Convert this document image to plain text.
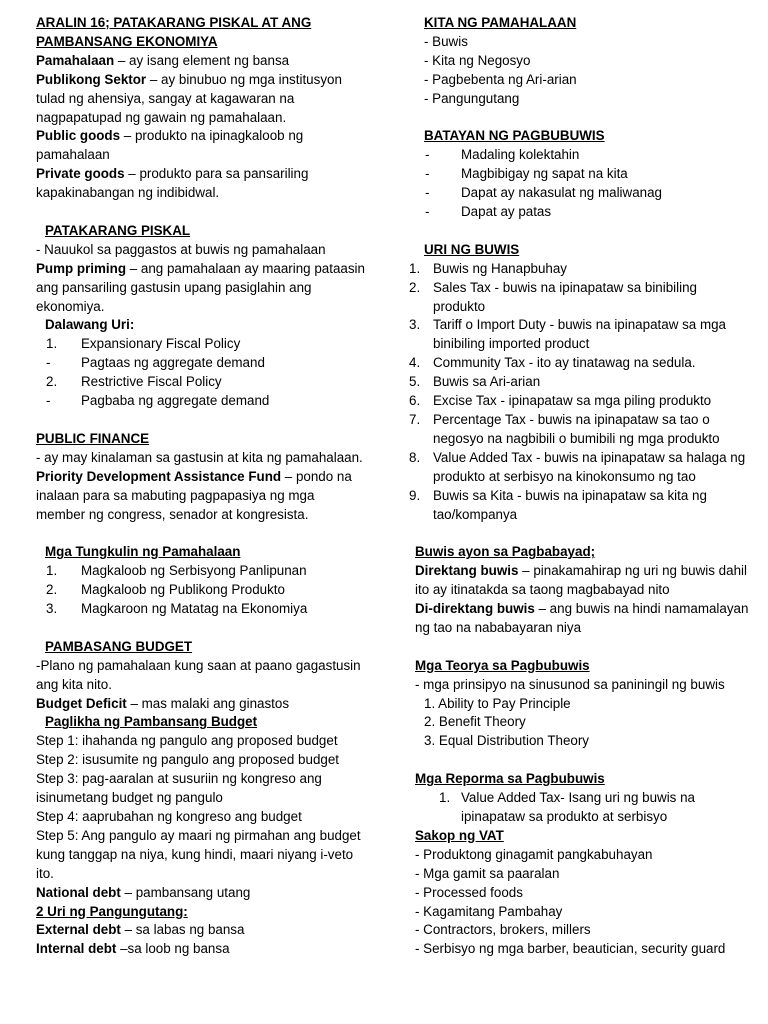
ARALIN 16; PATAKARANG PISKAL AT ANG
PAMBANSANG EKONOMIYA
Pamahalaan – ay isang element ng bansa
Publikong Sektor – ay binubuo ng mga institusyon tulad ng ahensiya, sangay at kagawaran na nagpapatupad ng gawain ng pamahalaan.
Public goods – produkto na ipinagkaloob ng pamahalaan
Private goods – produkto para sa pansariling kapakinabangan ng indibidwal.
PATAKARANG PISKAL
- Nauukol sa paggastos at buwis ng pamahalaan
Pump priming – ang pamahalaan ay maaring pataasin ang pansariling gastusin upang pasiglahin ang ekonomiya.
Dalawang Uri:
1. Expansionary Fiscal Policy
- Pagtaas ng aggregate demand
2. Restrictive Fiscal Policy
- Pagbaba ng aggregate demand
PUBLIC FINANCE
- ay may kinalaman sa gastusin at kita ng pamahalaan.
Priority Development Assistance Fund – pondo na inalaan para sa mabuting pagpapasiya ng mga member ng congress, senador at kongresista.
Mga Tungkulin ng Pamahalaan
1. Magkaloob ng Serbisyong Panlipunan
2. Magkaloob ng Publikong Produkto
3. Magkaroon ng Matatag na Ekonomiya
PAMBASANG BUDGET
-Plano ng pamahalaan kung saan at paano gagastusin ang kita nito.
Budget Deficit – mas malaki ang ginastos
Paglikha ng Pambansang Budget
Step 1: ihahanda ng pangulo ang proposed budget
Step 2: isusumite ng pangulo ang proposed budget
Step 3: pag-aaralan at susuriin ng kongreso ang isinumetang budget ng pangulo
Step 4: aaprubahan ng kongreso ang budget
Step 5: Ang pangulo ay maari ng pirmahan ang budget kung tanggap na niya, kung hindi, maari niyang i-veto ito.
National debt – pambansang utang
2 Uri ng Pangungutang:
External debt – sa labas ng bansa
Internal debt –sa loob ng bansa
KITA NG PAMAHALAAN
- Buwis
- Kita ng Negosyo
- Pagbebenta ng Ari-arian
- Pangungutang
BATAYAN NG PAGBUBUWIS
- Madaling kolektahin
- Magbibigay ng sapat na kita
- Dapat ay nakasulat ng maliwanag
- Dapat ay patas
URI NG BUWIS
1. Buwis ng Hanapbuhay
2. Sales Tax - buwis na ipinapataw sa binibiling produkto
3. Tariff o Import Duty - buwis na ipinapataw sa mga binibiling imported product
4. Community Tax - ito ay tinatawag na sedula.
5. Buwis sa Ari-arian
6. Excise Tax - ipinapataw sa mga piling produkto
7. Percentage Tax - buwis na ipinapataw sa tao o negosyo na nagbibili o bumibili ng mga produkto
8. Value Added Tax - buwis na ipinapataw sa halaga ng produkto at serbisyo na kinokonsumo ng tao
9. Buwis sa Kita - buwis na ipinapataw sa kita ng tao/kompanya
Buwis ayon sa Pagbabayad;
Direktang buwis – pinakamahirap ng uri ng buwis dahil ito ay itinatakda sa taong magbabayad nito
Di-direktang buwis – ang buwis na hindi namamalayan ng tao na nababayaran niya
Mga Teorya sa Pagbubuwis
- mga prinsipyo na sinusunod sa paniningil ng buwis
1. Ability to Pay Principle
2. Benefit Theory
3. Equal Distribution Theory
Mga Reporma sa Pagbubuwis
1. Value Added Tax- Isang uri ng buwis na ipinapataw sa produkto at serbisyo
Sakop ng VAT
- Produktong ginagamit pangkabuhayan
- Mga gamit sa paaralan
- Processed foods
- Kagamitang Pambahay
- Contractors, brokers, millers
- Serbisyo ng mga barber, beautician, security guard
